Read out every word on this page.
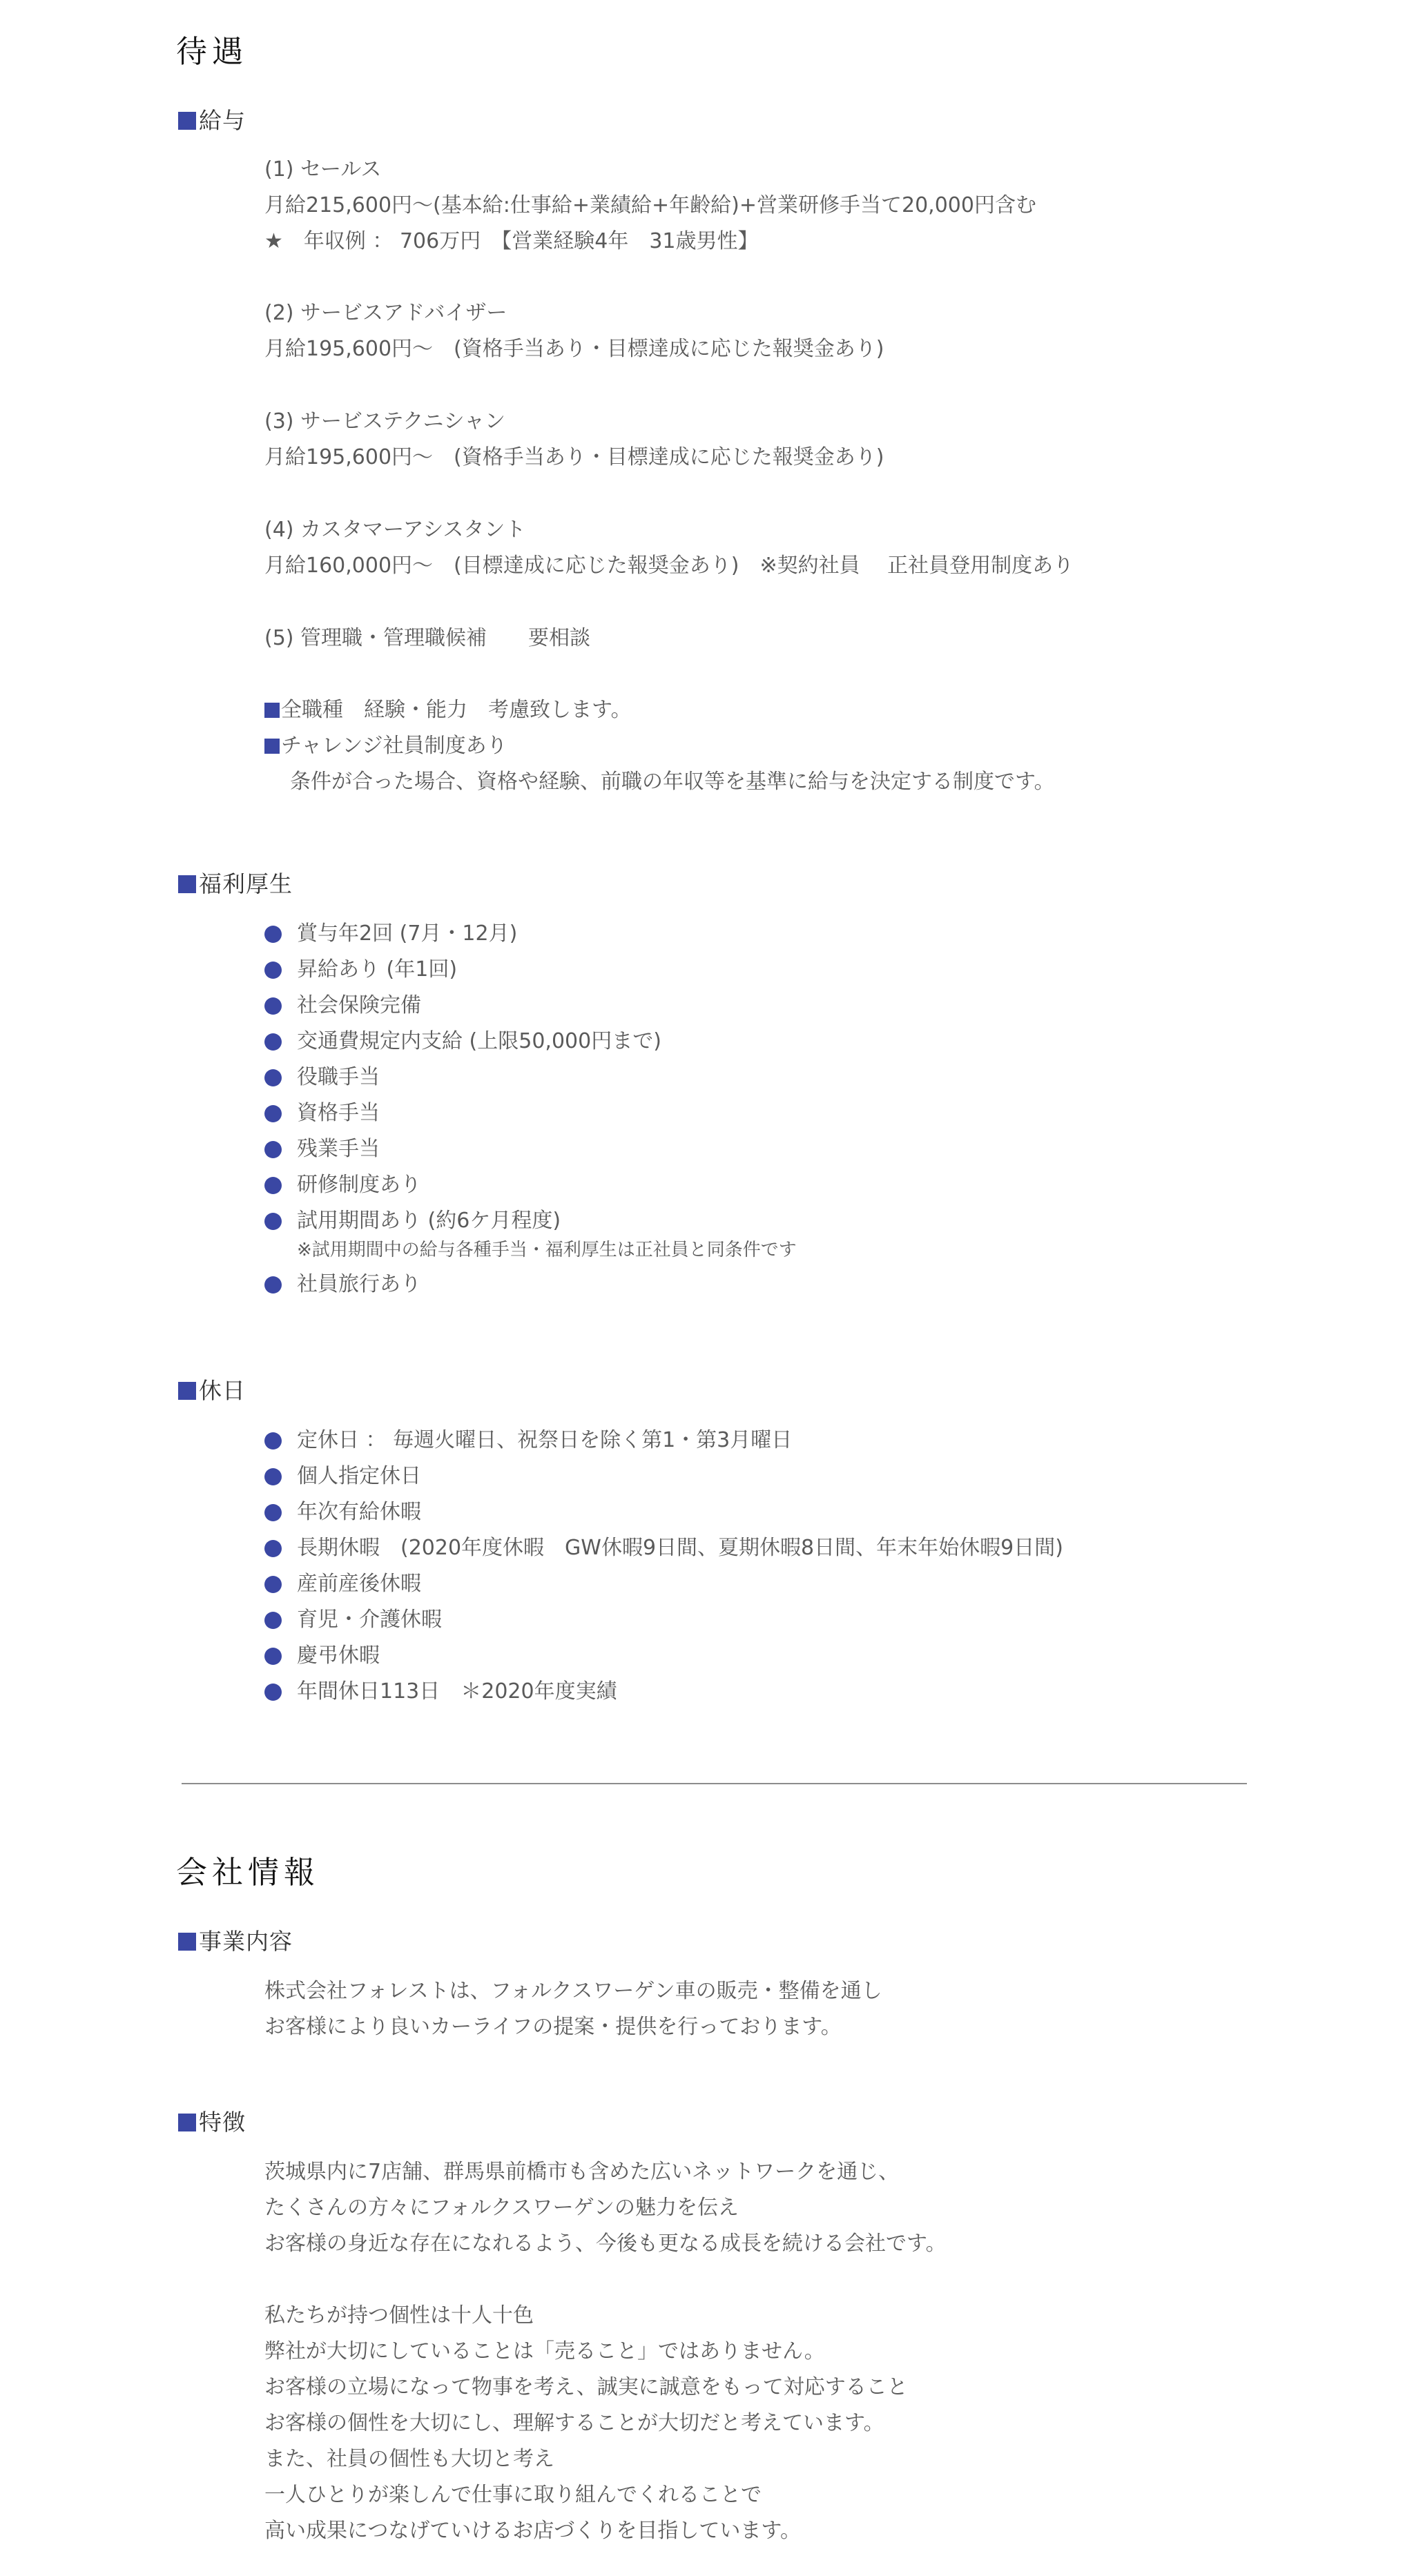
待遇
給与
(1) セールス
月給215,600円〜(基本給:仕事給+業績給+年齢給)+営業研修手当て20,000円含む
★　年収例 ： 706万円　【営業経験4年　31歳男性】
(2) サービスアドバイザー
月給195,600円〜　(資格手当あり・目標達成に応じた報奨金あり)
(3) サービステクニシャン
月給195,600円〜　(資格手当あり・目標達成に応じた報奨金あり)
(4) カスタマーアシスタント
月給160,000円〜　(目標達成に応じた報奨金あり)　※契約社員　 正社員登用制度あり
(5) 管理職・管理職候補　　要相談
全職種　経験・能力　考慮致します。
チャレンジ社員制度あり
条件が合った場合、資格や経験、前職の年収等を基準に給与を決定する制度です。
福利厚生
賞与年2回 (7月・12月)
昇給あり (年1回)
社会保険完備
交通費規定内支給 (上限50,000円まで)
役職手当
資格手当
残業手当
研修制度あり
試用期間あり (約6ケ月程度)
※試用期間中の給与各種手当・福利厚生は正社員と同条件です
社員旅行あり
休日
定休日 ： 毎週火曜日、祝祭日を除く第1・第3月曜日
個人指定休日
年次有給休暇
長期休暇　(2020年度休暇　GW休暇9日間、夏期休暇8日間、年末年始休暇9日間)
産前産後休暇
育児・介護休暇
慶弔休暇
年間休日113日　＊2020年度実績
会社情報
事業内容
株式会社フォレストは、フォルクスワーゲン車の販売・整備を通し
お客様により良いカーライフの提案・提供を行っております。
特徴
茨城県内に7店舗、群馬県前橋市も含めた広いネットワークを通じ、
たくさんの方々にフォルクスワーゲンの魅力を伝え
お客様の身近な存在になれるよう、今後も更なる成長を続ける会社です。
私たちが持つ個性は十人十色
弊社が大切にしていることは「売ること」ではありません。
お客様の立場になって物事を考え、誠実に誠意をもって対応すること
お客様の個性を大切にし、理解することが大切だと考えています。
また、社員の個性も大切と考え
一人ひとりが楽しんで仕事に取り組んでくれることで
高い成果につなげていけるお店づくりを目指しています。
